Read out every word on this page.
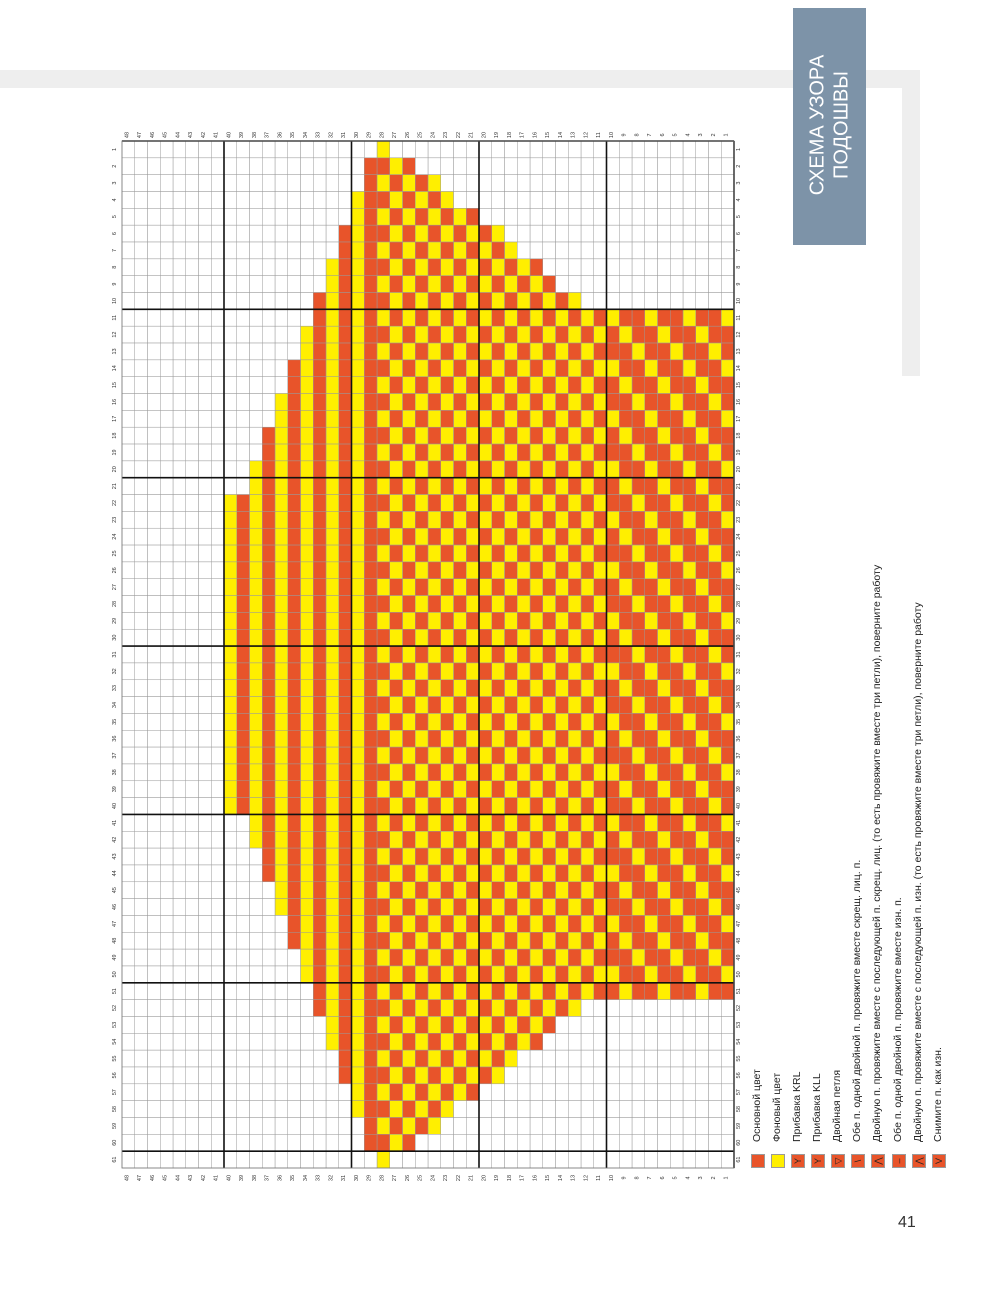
СХЕМА УЗОРА ПОДОШВЫ
1
1
2
2
3
3
4
4
5
5
6
6
7
7
8
8
9
9
10
10
11
11
12
12
13
13
14
14
15
15
16
16
17
17
18
18
19
19
20
20
21
21
22
22
23
23
24
24
25
25
26
26
27
27
28
28
29
29
30
30
31
31
32
32
33
33
34
34
35
35
36
36
37
37
38
38
39
39
40
40
41
41
42
42
43
43
44
44
45
45
46
46
47
47
48
48
1	1
2	2
3	3
4	4
5	5
6	6
7	7
8	8
9	9
10	10
11	11
12	12
13	13
14	14
15	15
16	16
17	17
18	18
19	19
20	20
21	21
22	22
23	23
24	24
25	25
26	26
27	27
28	28
29	29
30	30
31	31
32	32
33	33
34	34
35	35
36	36
37	37
38	38
39	39
40	40
41	41
42	42
43	43
44	44
45	45
46	46
47	47
48	48
49	49
50	50
51	51
52	52
53	53
54	54
55	55
56	56
57	57
58	58
59	59
60	60
61	61
Основной цвет Фоновый цвет
Y
Прибавка KRL
Y
Прибавка KLL
▽
Двойная петля
\
Обе п. одной двойной п. провяжите вместе скрещ. лиц. п.
⋀
Двойную п. провяжите вместе с последующей п. скрещ. лиц. (то есть провяжите вместе три петли), поверните работу
–
Обе п. одной двойной п. провяжите вместе изн. п.
⋀
Двойную п. провяжите вместе с последующей п. изн. (то есть провяжите вместе три петли), поверните работу
V
Снимите п. как изн.
41
